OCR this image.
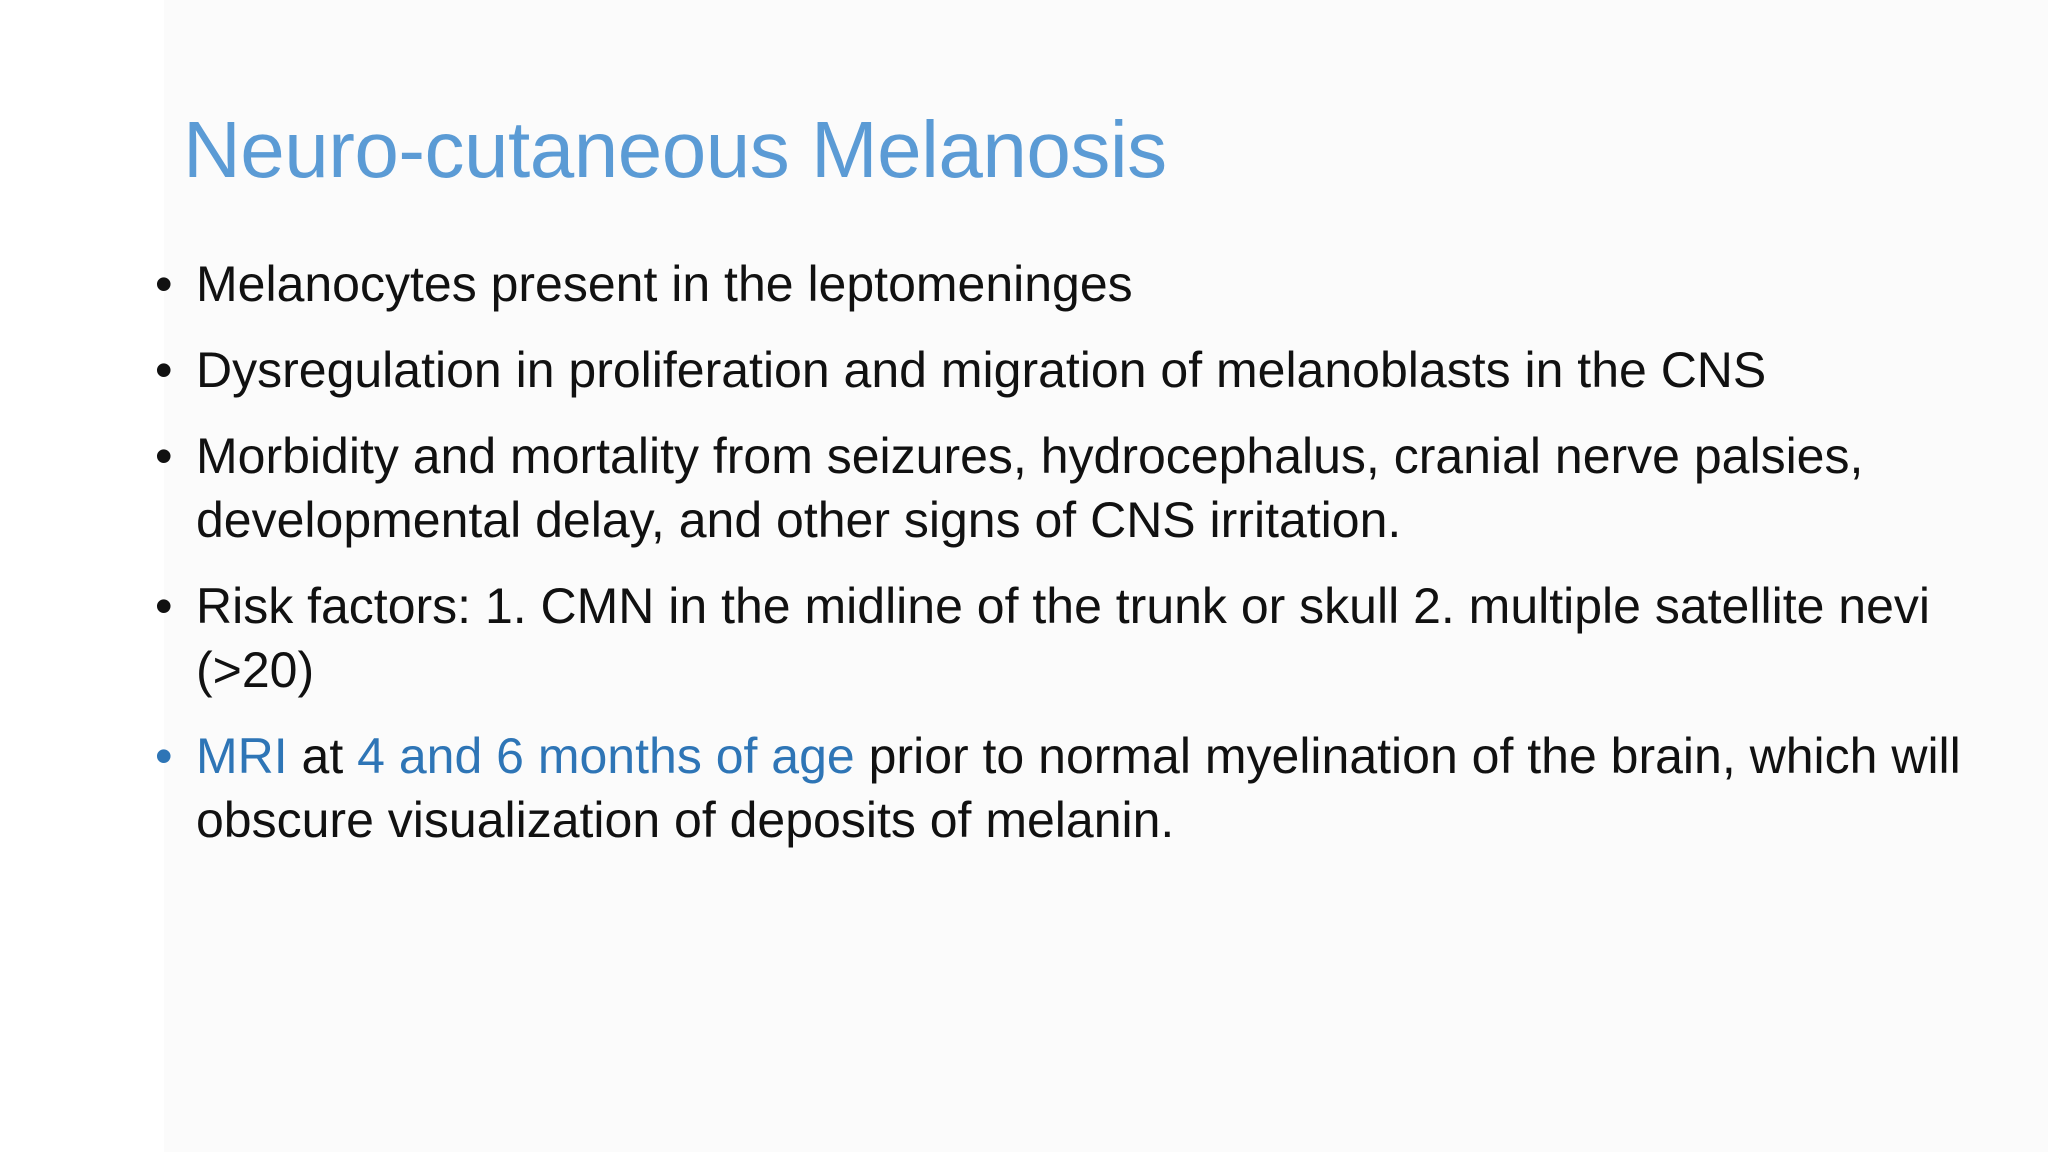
Neuro-cutaneous Melanosis
• Melanocytes present in the leptomeninges
• Dysregulation in proliferation and migration of melanoblasts in the CNS
• Morbidity and mortality from seizures, hydrocephalus, cranial nerve palsies, developmental delay, and other signs of CNS irritation.
• Risk factors: 1. CMN in the midline of the trunk or skull 2. multiple satellite nevi (>20)
• MRI at 4 and 6 months of age prior to normal myelination of the brain, which will obscure visualization of deposits of melanin.
